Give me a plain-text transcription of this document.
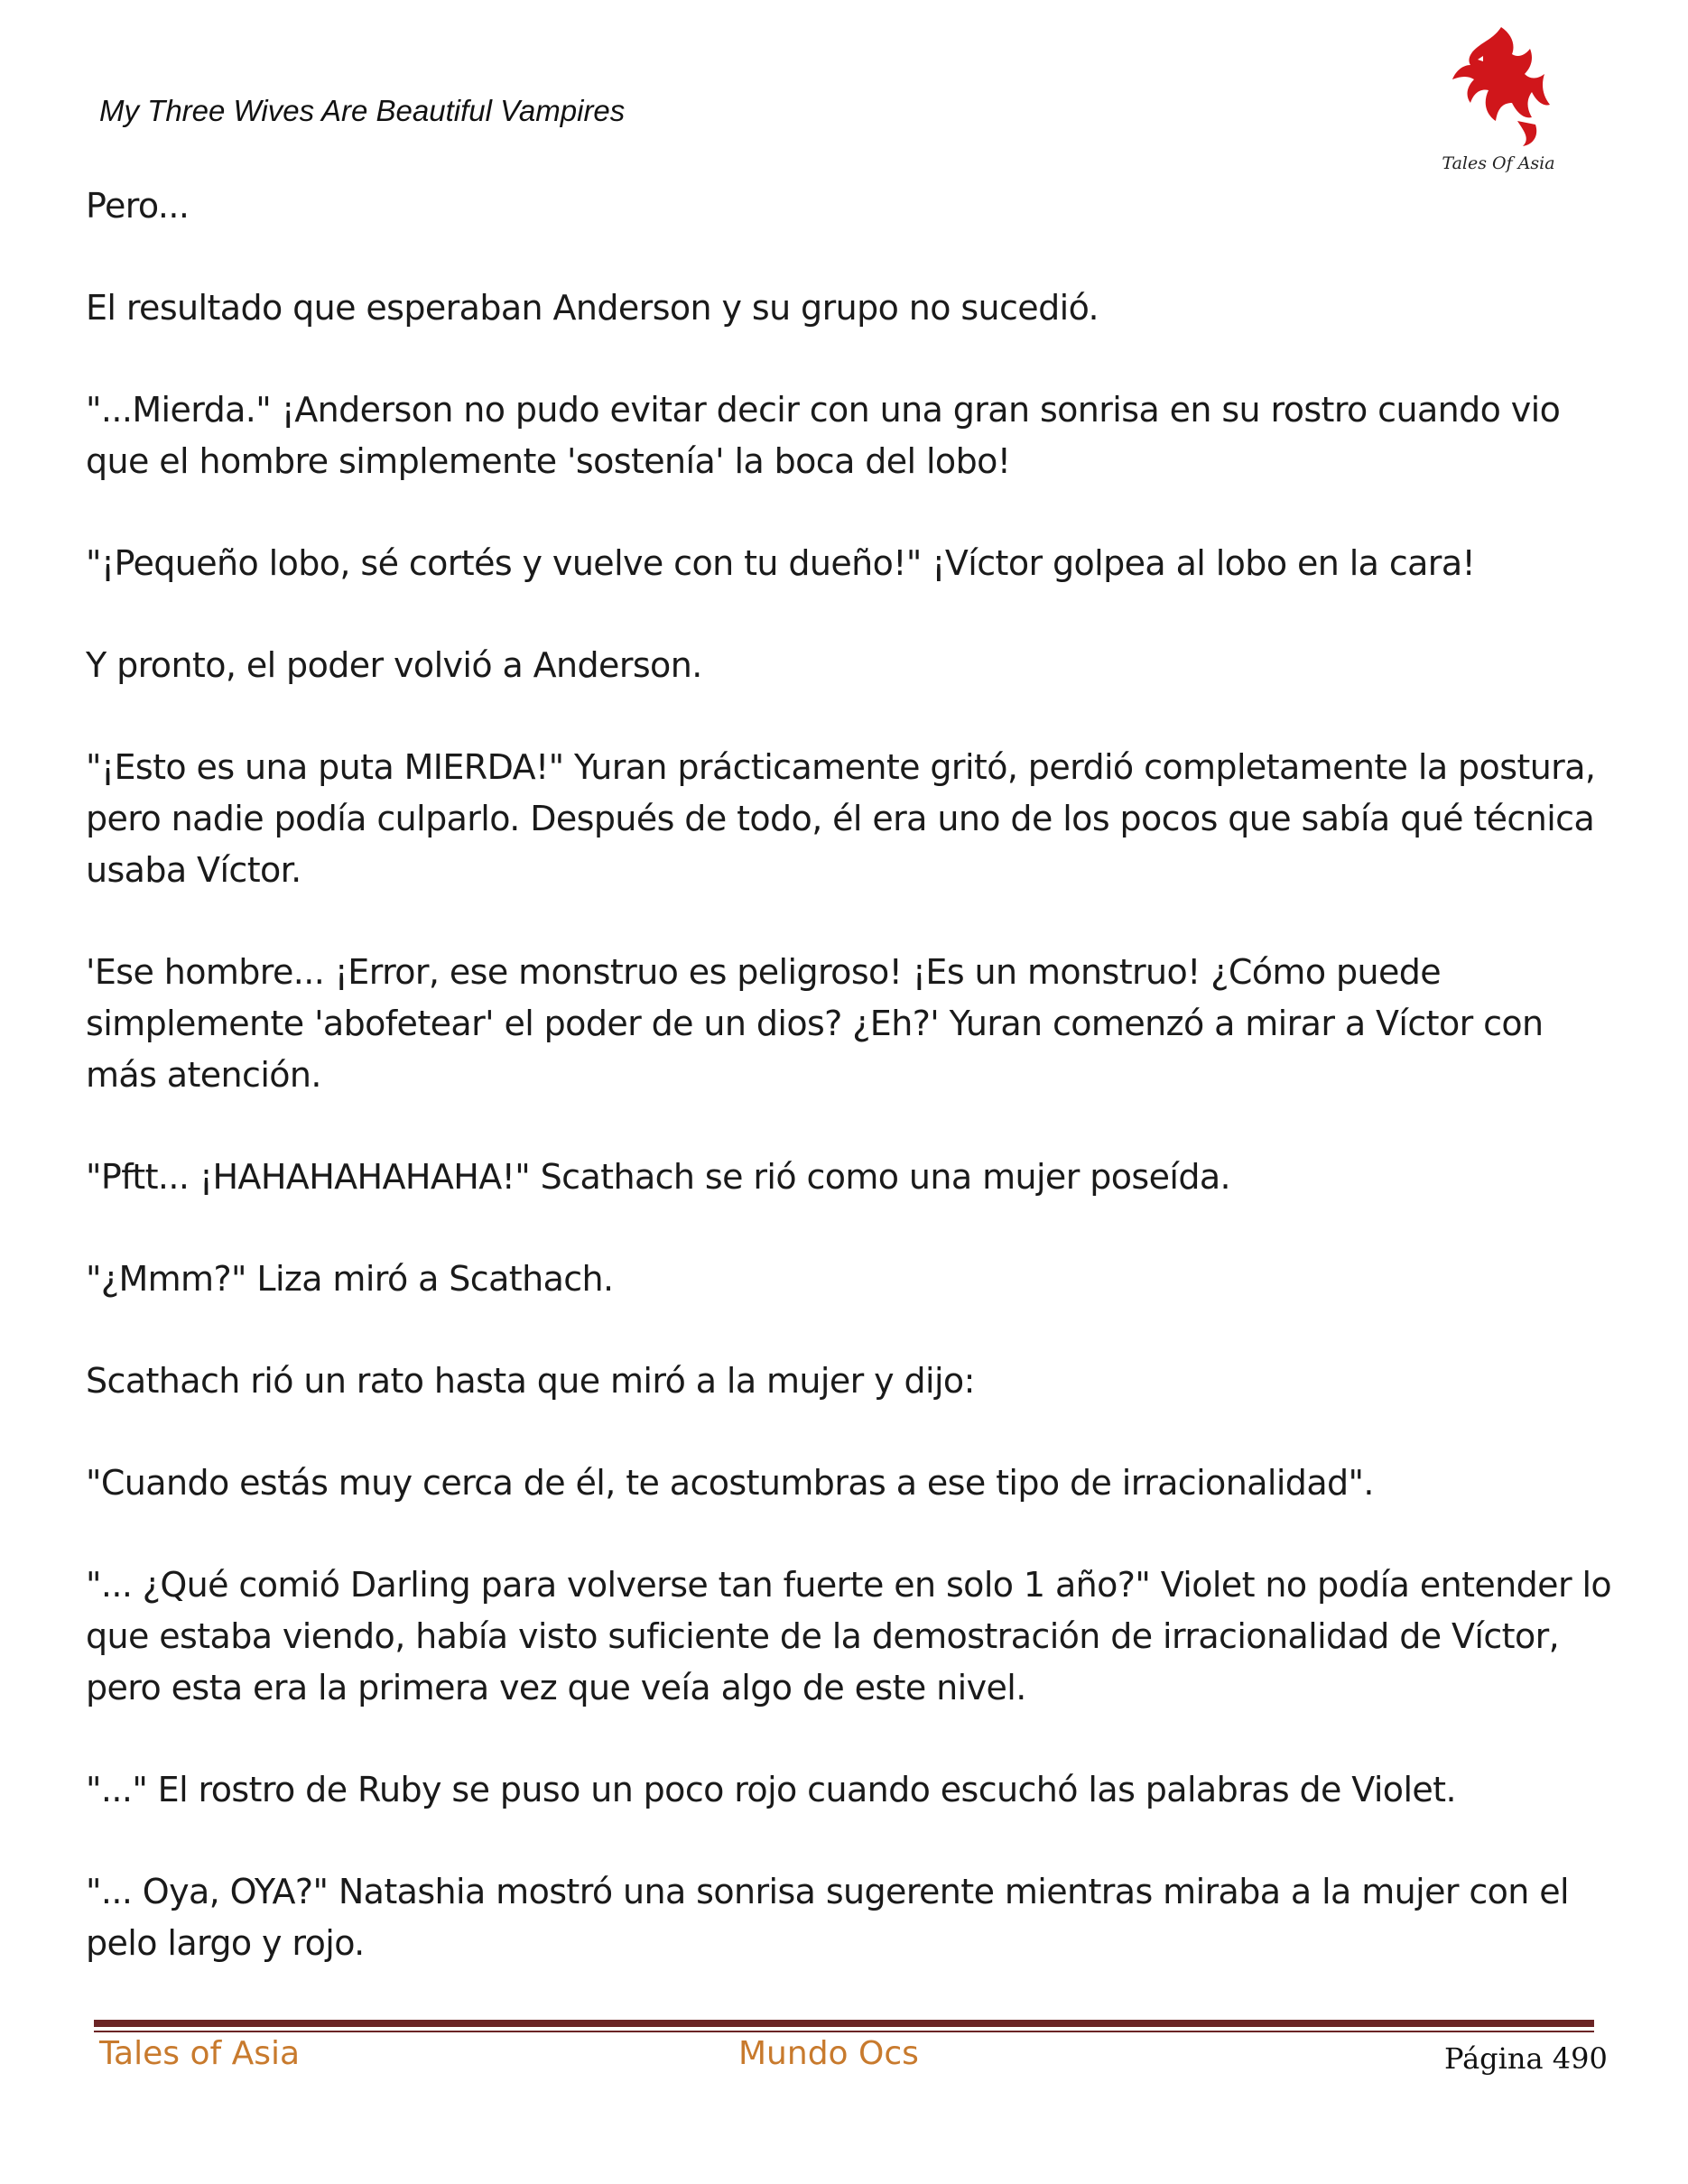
My Three Wives Are Beautiful Vampires
Tales Of Asia

Pero...

El resultado que esperaban Anderson y su grupo no sucedió.

"...Mierda." ¡Anderson no pudo evitar decir con una gran sonrisa en su rostro cuando vio que el hombre simplemente 'sostenía' la boca del lobo!

"¡Pequeño lobo, sé cortés y vuelve con tu dueño!" ¡Víctor golpea al lobo en la cara!

Y pronto, el poder volvió a Anderson.

"¡Esto es una puta MIERDA!" Yuran prácticamente gritó, perdió completamente la postura, pero nadie podía culparlo. Después de todo, él era uno de los pocos que sabía qué técnica usaba Víctor.

'Ese hombre... ¡Error, ese monstruo es peligroso! ¡Es un monstruo! ¿Cómo puede simplemente 'abofetear' el poder de un dios? ¿Eh?' Yuran comenzó a mirar a Víctor con más atención.

"Pftt... ¡HAHAHAHAHAHA!" Scathach se rió como una mujer poseída.

"¿Mmm?" Liza miró a Scathach.

Scathach rió un rato hasta que miró a la mujer y dijo:

"Cuando estás muy cerca de él, te acostumbras a ese tipo de irracionalidad".

"... ¿Qué comió Darling para volverse tan fuerte en solo 1 año?" Violet no podía entender lo que estaba viendo, había visto suficiente de la demostración de irracionalidad de Víctor, pero esta era la primera vez que veía algo de este nivel.

"..." El rostro de Ruby se puso un poco rojo cuando escuchó las palabras de Violet.

"... Oya, OYA?" Natashia mostró una sonrisa sugerente mientras miraba a la mujer con el pelo largo y rojo.

Tales of Asia	Mundo Ocs	Página 490
